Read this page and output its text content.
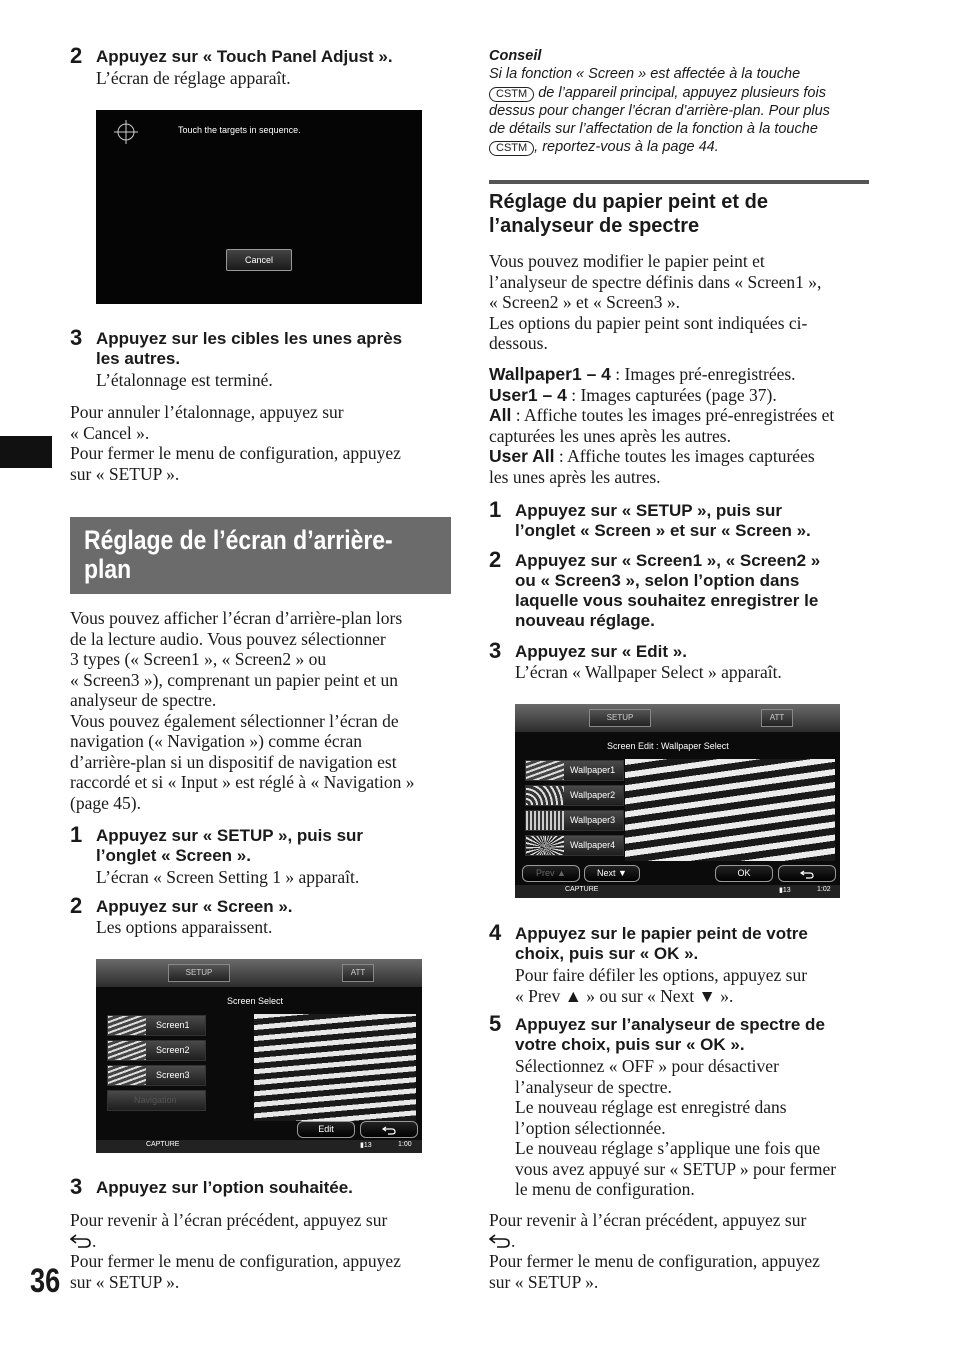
36
2 Appuyez sur « Touch Panel Adjust ».
L’écran de réglage apparaît.
Touch the targets in sequence.
Cancel
3 Appuyez sur les cibles les unes après
les autres.
L’étalonnage est terminé.
Pour annuler l’étalonnage, appuyez sur
« Cancel ».
Pour fermer le menu de configuration, appuyez
sur « SETUP ».
Réglage de l’écran d’arrière-
plan
Vous pouvez afficher l’écran d’arrière-plan lors
de la lecture audio. Vous pouvez sélectionner
3 types (« Screen1 », « Screen2 » ou
« Screen3 »), comprenant un papier peint et un
analyseur de spectre.
Vous pouvez également sélectionner l’écran de
navigation (« Navigation ») comme écran
d’arrière-plan si un dispositif de navigation est
raccordé et si « Input » est réglé à « Navigation »
(page 45).
1 Appuyez sur « SETUP », puis sur
l’onglet « Screen ».
L’écran « Screen Setting 1 » apparaît.
2 Appuyez sur « Screen ».
Les options apparaissent.
SETUP	ATT
Screen Select
Screen1
Screen2
Screen3
Navigation
Edit
CAPTURE	▮13	1:00
3 Appuyez sur l’option souhaitée.
Pour revenir à l’écran précédent, appuyez sur
.
Pour fermer le menu de configuration, appuyez
sur « SETUP ».
Conseil
Si la fonction « Screen » est affectée à la touche
CSTM de l’appareil principal, appuyez plusieurs fois
dessus pour changer l’écran d’arrière-plan. Pour plus
de détails sur l’affectation de la fonction à la touche
CSTM , reportez-vous à la page 44.
Réglage du papier peint et de
l’analyseur de spectre
Vous pouvez modifier le papier peint et
l’analyseur de spectre définis dans « Screen1 »,
« Screen2 » et « Screen3 ».
Les options du papier peint sont indiquées ci-
dessous.
Wallpaper1 – 4 : Images pré-enregistrées.
User1 – 4 : Images capturées (page 37).
All : Affiche toutes les images pré-enregistrées et
capturées les unes après les autres.
User All : Affiche toutes les images capturées
les unes après les autres.
1 Appuyez sur « SETUP », puis sur
l’onglet « Screen » et sur « Screen ».
2 Appuyez sur « Screen1 », « Screen2 »
ou « Screen3 », selon l’option dans
laquelle vous souhaitez enregistrer le
nouveau réglage.
3 Appuyez sur « Edit ».
L’écran « Wallpaper Select » apparaît.
SETUP	ATT
Screen Edit : Wallpaper Select
Wallpaper1
Wallpaper2
Wallpaper3
Wallpaper4
Prev ▲	Next ▼	OK
CAPTURE	▮13	1:02
4 Appuyez sur le papier peint de votre
choix, puis sur « OK ».
Pour faire défiler les options, appuyez sur
« Prev ▲ » ou sur « Next ▼ ».
5 Appuyez sur l’analyseur de spectre de
votre choix, puis sur « OK ».
Sélectionnez « OFF » pour désactiver
l’analyseur de spectre.
Le nouveau réglage est enregistré dans
l’option sélectionnée.
Le nouveau réglage s’applique une fois que
vous avez appuyé sur « SETUP » pour fermer
le menu de configuration.
Pour revenir à l’écran précédent, appuyez sur
.
Pour fermer le menu de configuration, appuyez
sur « SETUP ».
